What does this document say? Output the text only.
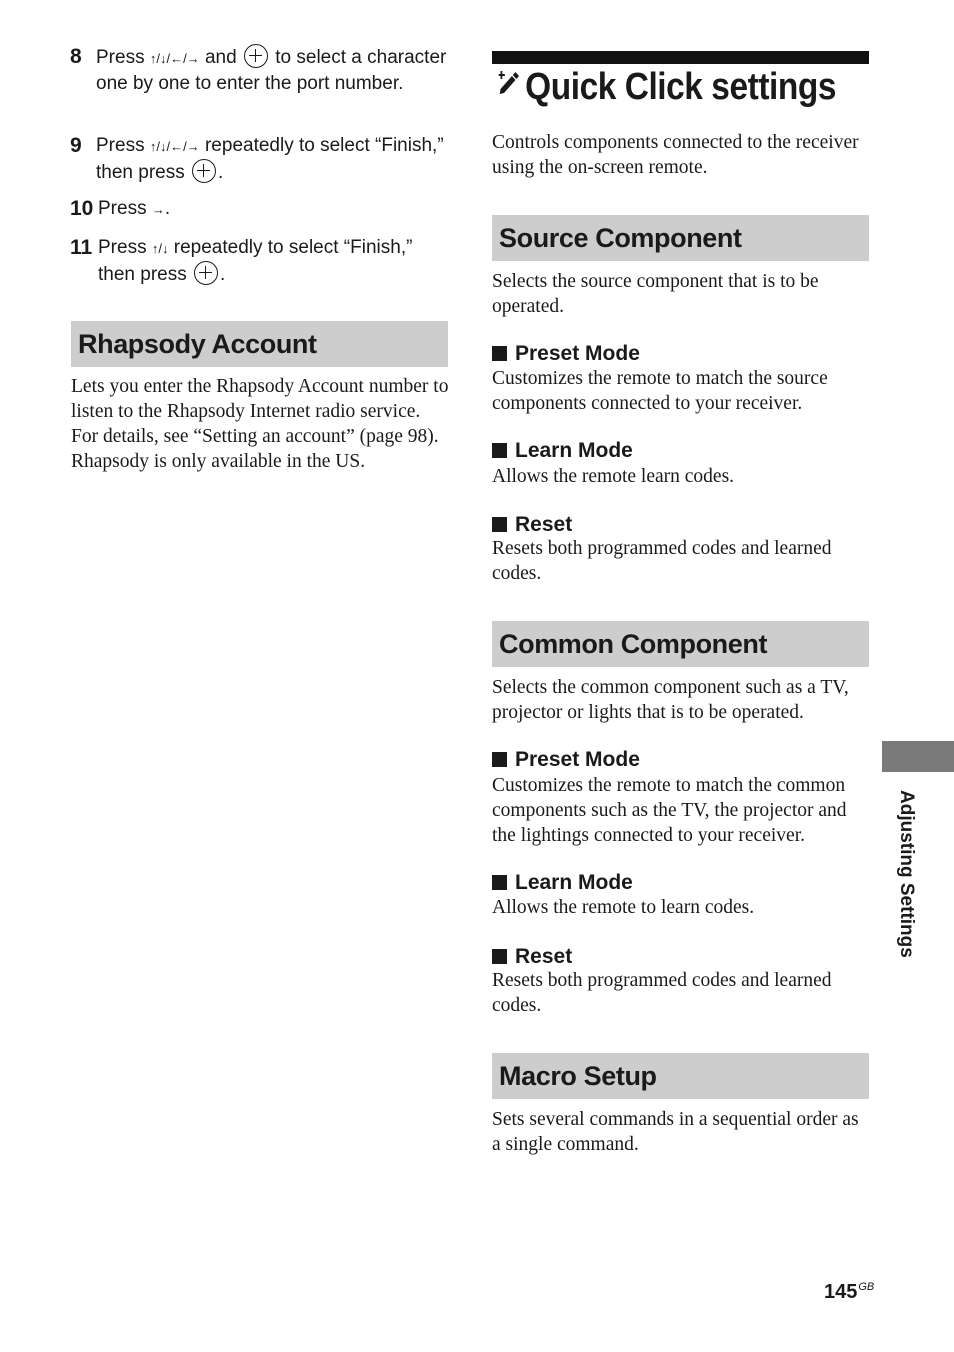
8 Press ↑/↓/←/→ and to select a character one by one to enter the port number.
9 Press ↑/↓/←/→ repeatedly to select “Finish,” then press .
10 Press →.
11 Press ↑/↓ repeatedly to select “Finish,” then press .
Rhapsody Account
Lets you enter the Rhapsody Account number to listen to the Rhapsody Internet radio service. For details, see “Setting an account” (page 98). Rhapsody is only available in the US.
Quick Click settings
Controls components connected to the receiver using the on-screen remote.
Source Component
Selects the source component that is to be operated.
Preset Mode
Customizes the remote to match the source components connected to your receiver.
Learn Mode
Allows the remote learn codes.
Reset
Resets both programmed codes and learned codes.
Common Component
Selects the common component such as a TV, projector or lights that is to be operated.
Preset Mode
Customizes the remote to match the common components such as the TV, the projector and the lightings connected to your receiver.
Learn Mode
Allows the remote to learn codes.
Reset
Resets both programmed codes and learned codes.
Macro Setup
Sets several commands in a sequential order as a single command.
Adjusting Settings
$145^{GB}$
